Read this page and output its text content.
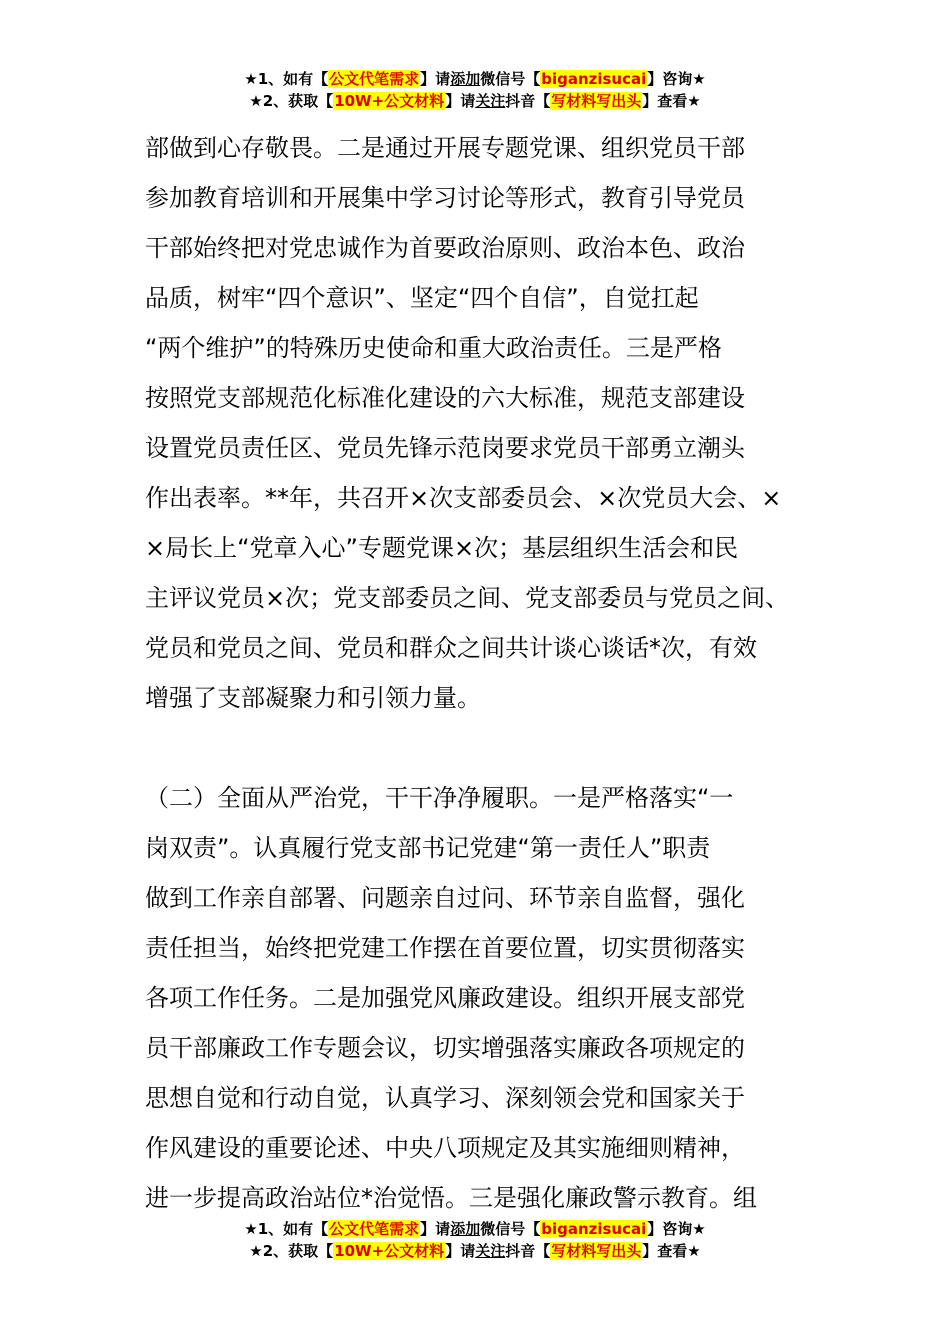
★1、如有【公文代笔需求】请添加微信号【biganzisucai】咨询★
★2、获取【10W+公文材料】请关注抖音【写材料写出头】查看★
部做到心存敬畏。二是通过开展专题党课、组织党员干部
参加教育培训和开展集中学习讨论等形式，教育引导党员
干部始终把对党忠诚作为首要政治原则、政治本色、政治
品质，树牢“四个意识”、坚定“四个自信”，自觉扛起
“两个维护”的特殊历史使命和重大政治责任。三是严格
按照党支部规范化标准化建设的六大标准，规范支部建设
设置党员责任区、党员先锋示范岗要求党员干部勇立潮头
作出表率。**年，共召开×次支部委员会、×次党员大会、×
×局长上“党章入心”专题党课×次；基层组织生活会和民
主评议党员×次；党支部委员之间、党支部委员与党员之间、
党员和党员之间、党员和群众之间共计谈心谈话*次，有效
增强了支部凝聚力和引领力量。
（二）全面从严治党，干干净净履职。一是严格落实“一
岗双责”。认真履行党支部书记党建“第一责任人”职责
做到工作亲自部署、问题亲自过问、环节亲自监督，强化
责任担当，始终把党建工作摆在首要位置，切实贯彻落实
各项工作任务。二是加强党风廉政建设。组织开展支部党
员干部廉政工作专题会议，切实增强落实廉政各项规定的
思想自觉和行动自觉，认真学习、深刻领会党和国家关于
作风建设的重要论述、中央八项规定及其实施细则精神，
进一步提高政治站位*治觉悟。三是强化廉政警示教育。组
★1、如有【公文代笔需求】请添加微信号【biganzisucai】咨询★
★2、获取【10W+公文材料】请关注抖音【写材料写出头】查看★
